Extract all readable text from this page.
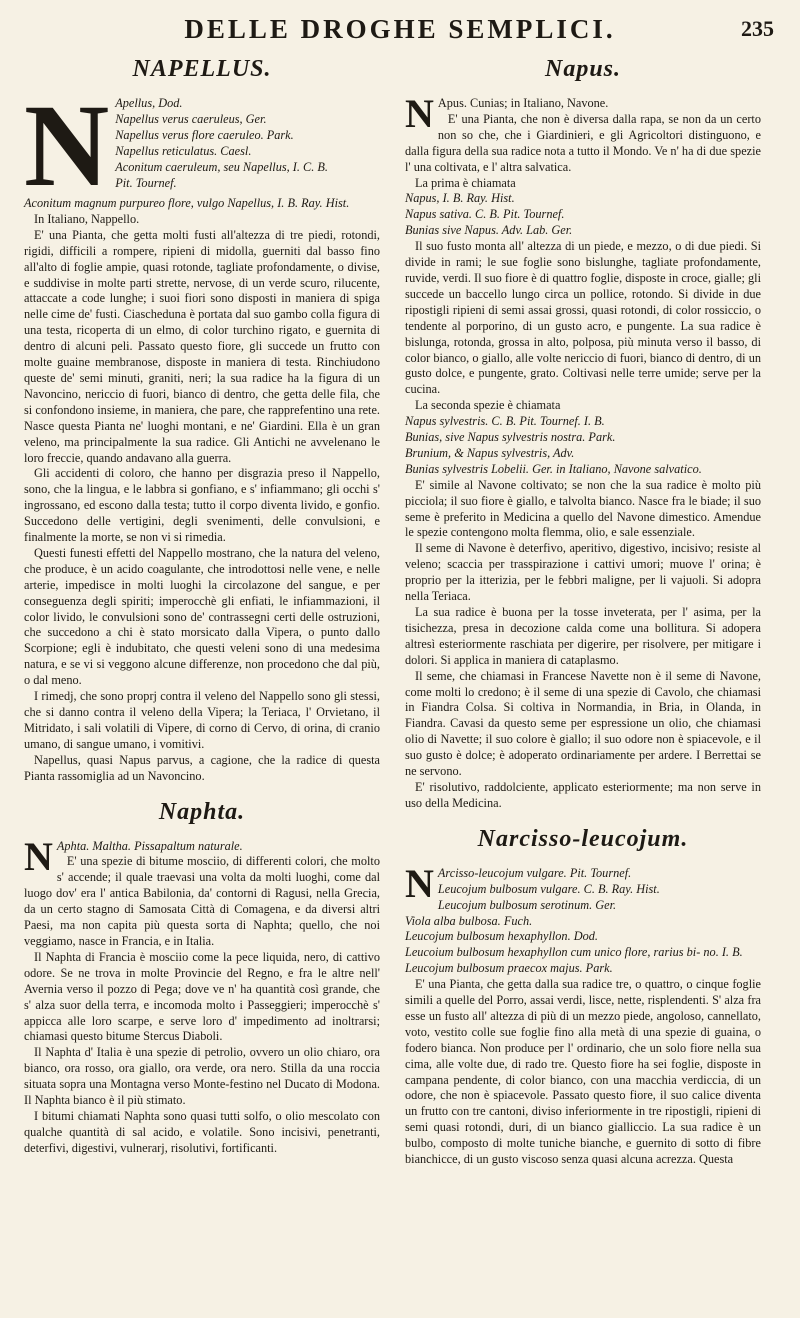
DELLE DROGHE SEMPLICI.	235
NAPELLUS.
N Apellus, Dod.
Napellus verus caeruleus, Ger.
Napellus verus flore caeruleo. Park.
Napellus reticulatus. Caesl.
Aconitum caeruleum, seu Napellus, I. C. B.
Pit. Tournef.

Aconitum magnum purpureo flore, vulgo Napellus, I. B. Ray. Hist.

In Italiano, Nappello.

E' una Pianta, che getta molti fusti all'altezza di tre piedi, rotondi, rigidi, difficili a rompere, ripieni di midolla, guerniti dal basso fino all'alto di foglie ampie, quasi rotonde, tagliate profondamente, o divise, e suddivise in molte parti strette, nervose, di un verde scuro, rilucente, attaccate a code lunghe; i suoi fiori sono disposti in maniera di spiga nelle cime de' fusti. Ciascheduna è portata dal suo gambo colla figura di una testa, ricoperta di un elmo, di color turchino rigato, e guernita di dentro di alcuni peli. Passato questo fiore, gli succede un frutto con molte guaine membranose, disposte in maniera di testa. Rinchiudono queste de' semi minuti, graniti, neri; la sua radice ha la figura di un Navoncino, nericcio di fuori, bianco di dentro, che getta delle fila, che si confondono insieme, in maniera, che pare, che rapprefentino una rete. Nasce questa Pianta ne' luoghi montani, e ne' Giardini. Ella è un gran veleno, ma principalmente la sua radice. Gli Antichi ne avvelenano le loro freccie, quando andavano alla guerra.

Gli accidenti di coloro, che hanno per disgrazia preso il Nappello, sono, che la lingua, e le labbra si gonfiano, e s' infiammano; gli occhi s' ingrossano, ed escono dalla testa; tutto il corpo diventa livido, e gonfio. Succedono delle vertigini, degli svenimenti, delle convulsioni, e finalmente la morte, se non vi si rimedia.

Questi funesti effetti del Nappello mostrano, che la natura del veleno, che produce, è un acido coagulante, che introdottosi nelle vene, e nelle arterie, impedisce in molti luoghi la circolazone del sangue, e per conseguenza degli spiriti; imperocchè gli enfiati, le infiammazioni, il color livido, le convulsioni sono de' contrassegni certi delle ostruzioni, che succedono a chi è stato morsicato dalla Vipera, o punto dallo Scorpione; egli è indubitato, che questi veleni sono di una medesima natura, e se vi si veggono alcune differenze, non procedono che dal più, o dal meno.

I rimedj, che sono proprj contra il veleno del Nappello sono gli stessi, che si danno contra il veleno della Vipera; la Teriaca, l' Orvietano, il Mitridato, i sali volatili di Vipere, di corno di Cervo, di orina, di cranio umano, di sangue umano, i vomitivi.

Napellus, quasi Napus parvus, a cagione, che la radice di questa Pianta rassomiglia ad un Navoncino.

Naphta.
N Aphta. Maltha. Pissapaltum naturale.

E' una spezie di bitume mosciio, di differenti colori, che molto s' accende; il quale traevasi una volta da molti luoghi, come dal luogo dov' era l' antica Babilonia, da' contorni di Ragusi, nella Grecia, da un certo stagno di Samosata Città di Comagena, e da diversi altri Paesi, ma non capita più questa sorta di Naphta; quello, che noi veggiamo, nasce in Francia, e in Italia.

Il Naphta di Francia è mosciio come la pece liquida, nero, di cattivo odore. Se ne trova in molte Provincie del Regno, e fra le altre nell' Avernia verso il pozzo di Pega; dove ve n' ha quantità così grande, che s' alza suor della terra, e incomoda molto i Passeggieri; imperocchè s' appicca alle loro scarpe, e serve loro d' impedimento ad inoltrarsi; chiamasi questo bitume Stercus Diaboli.

Il Naphta d' Italia è una spezie di petrolio, ovvero un olio chiaro, ora bianco, ora rosso, ora giallo, ora verde, ora nero. Stilla da una roccia situata sopra una Montagna verso Monte-festino nel Ducato di Modona. Il Naphta bianco è il più stimato.

I bitumi chiamati Naphta sono quasi tutti solfo, o olio mescolato con qualche quantità di sal acido, e volatile. Sono incisivi, penetranti, deterfivi, digestivi, vulnerarj, risolutivi, fortificanti.

Napus.
N Apus. Cunias; in Italiano, Navone.

E' una Pianta, che non è diversa dalla rapa, se non da un certo non so che, che i Giardinieri, e gli Agricoltori distinguono, e dalla figura della sua radice nota a tutto il Mondo. Ve n' ha di due spezie l' una coltivata, e l' altra salvatica.

La prima è chiamata

Napus, I. B. Ray. Hist.

Napus sativa. C. B. Pit. Tournef.

Bunias sive Napus. Adv. Lab. Ger.

Il suo fusto monta all' altezza di un piede, e mezzo, o di due piedi. Si divide in rami; le sue foglie sono bislunghe, tagliate profondamente, ruvide, verdi. Il suo fiore è di quattro foglie, disposte in croce, gialle; gli succede un baccello lungo circa un pollice, rotondo. Si divide in due ripostigli ripieni di semi assai grossi, quasi rotondi, di color rossiccio, o tendente al porporino, di un gusto acro, e pungente. La sua radice è bislunga, rotonda, grossa in alto, polposa, più minuta verso il basso, di color bianco, o giallo, alle volte nericcio di fuori, bianco di dentro, di un gusto dolce, e pungente, grato. Coltivasi nelle terre umide; serve per la cucina.

La seconda spezie è chiamata

Napus sylvestris. C. B. Pit. Tournef. I. B.

Bunias, sive Napus sylvestris nostra. Park.

Brunium, & Napus sylvestris, Adv.

Bunias sylvestris Lobelii. Ger. in Italiano, Navone salvatico.

E' simile al Navone coltivato; se non che la sua radice è molto più picciola; il suo fiore è giallo, e talvolta bianco. Nasce fra le biade; il suo seme è preferito in Medicina a quello del Navone dimestico. Amendue le spezie contengono molta flemma, olio, e sale essenziale.

Il seme di Navone è deterfivo, aperitivo, digestivo, incisivo; resiste al veleno; scaccia per trasspirazione i cattivi umori; muove l' orina; è proprio per la itterizia, per le febbri maligne, per li vajuoli. Si adopra nella Teriaca.

La sua radice è buona per la tosse inveterata, per l' asima, per la tisichezza, presa in decozione calda come una bollitura. Si adopera altresì esteriormente raschiata per digerire, per risolvere, per mitigare i dolori. Si applica in maniera di cataplasmo.

Il seme, che chiamasi in Francese Navette non è il seme di Navone, come molti lo credono; è il seme di una spezie di Cavolo, che chiamasi in Fiandra Colsa. Si coltiva in Normandia, in Bria, in Olanda, in Fiandra. Cavasi da questo seme per espressione un olio, che chiamasi olio di Navette; il suo colore è giallo; il suo odore non è spiacevole, e il suo gusto è dolce; è adoperato ordinariamente per ardere. I Berrettai se ne servono.

E' risolutivo, raddolciente, applicato esteriormente; ma non serve in uso della Medicina.

Narcisso-leucojum.
N Arcisso-leucojum vulgare. Pit. Tournef.
Leucojum bulbosum vulgare. C. B. Ray. Hist.
Leucojum bulbosum serotinum. Ger.
Viola alba bulbosa. Fuch.
Leucojum bulbosum hexaphyllon. Dod.
Leucoium bulbosum hexaphyllon cum unico flore, rarius bi- no. I. B.
Leucojum bulbosum praecox majus. Park.

E' una Pianta, che getta dalla sua radice tre, o quattro, o cinque foglie simili a quelle del Porro, assai verdi, lisce, nette, risplendenti. S' alza fra esse un fusto all' altezza di più di un mezzo piede, angoloso, cannellato, voto, vestito colle sue foglie fino alla metà di una spezie di guaina, o fodero bianca. Non produce per l' ordinario, che un solo fiore nella sua cima, alle volte due, di rado tre. Questo fiore ha sei foglie, disposte in campana pendente, di color bianco, con una macchia verdiccia, di un odore, che non è spiacevole. Passato questo fiore, il suo calice diventa un frutto con tre cantoni, diviso inferiormente in tre ripostigli, ripieni di semi quasi rotondi, duri, di un bianco gialliccio. La sua radice è un bulbo, composto di molte tuniche bianche, e guernito di sotto di fibre bianchicce, di un gusto viscoso senza quasi alcuna acrezza. Questa
